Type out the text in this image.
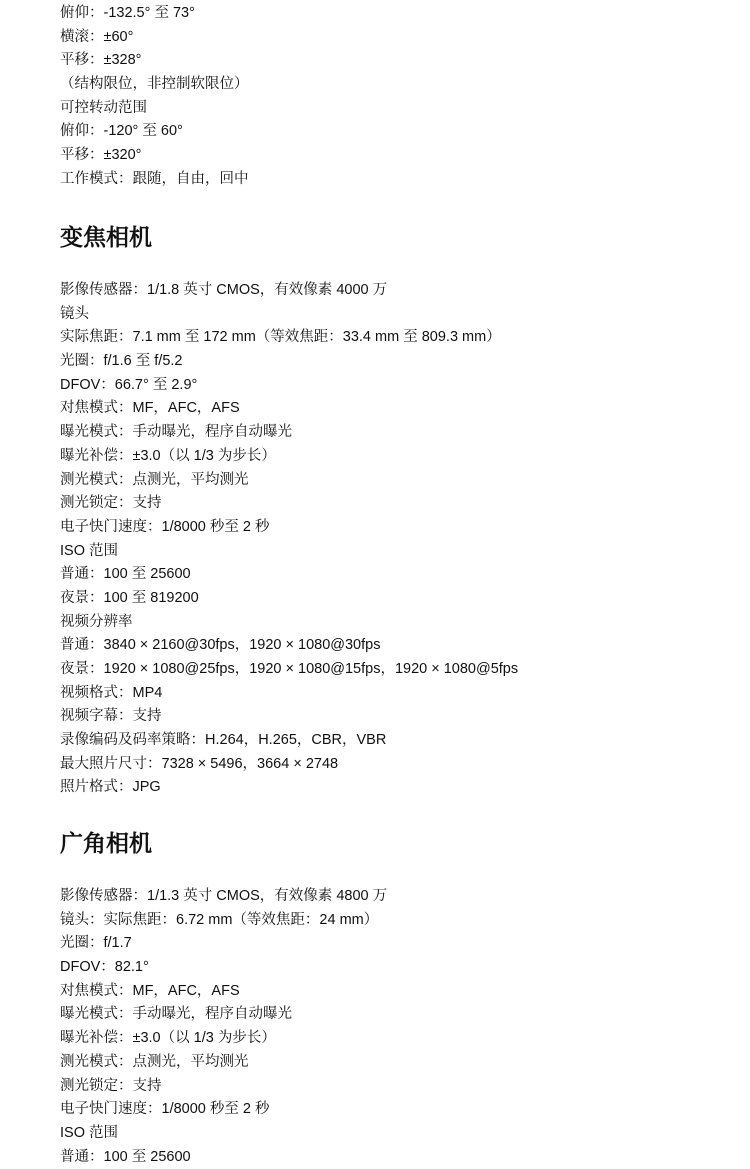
俯仰：-132.5° 至 73°
横滚：±60°
平移：±328°
（结构限位，非控制软限位）
可控转动范围
俯仰：-120° 至 60°
平移：±320°
工作模式：跟随，自由，回中
变焦相机
影像传感器：1/1.8 英寸 CMOS，有效像素 4000 万
镜头
实际焦距：7.1 mm 至 172 mm（等效焦距：33.4 mm 至 809.3 mm）
光圈：f/1.6 至 f/5.2
DFOV：66.7° 至 2.9°
对焦模式：MF，AFC，AFS
曝光模式：手动曝光，程序自动曝光
曝光补偿：±3.0（以 1/3 为步长）
测光模式：点测光，平均测光
测光锁定：支持
电子快门速度：1/8000 秒至 2 秒
ISO 范围
普通：100 至 25600
夜景：100 至 819200
视频分辨率
普通：3840 × 2160@30fps，1920 × 1080@30fps
夜景：1920 × 1080@25fps，1920 × 1080@15fps，1920 × 1080@5fps
视频格式：MP4
视频字幕：支持
录像编码及码率策略：H.264，H.265，CBR，VBR
最大照片尺寸：7328 × 5496，3664 × 2748
照片格式：JPG
广角相机
影像传感器：1/1.3 英寸 CMOS，有效像素 4800 万
镜头：实际焦距：6.72 mm（等效焦距：24 mm）
光圈：f/1.7
DFOV：82.1°
对焦模式：MF，AFC，AFS
曝光模式：手动曝光，程序自动曝光
曝光补偿：±3.0（以 1/3 为步长）
测光模式：点测光，平均测光
测光锁定：支持
电子快门速度：1/8000 秒至 2 秒
ISO 范围
普通：100 至 25600
